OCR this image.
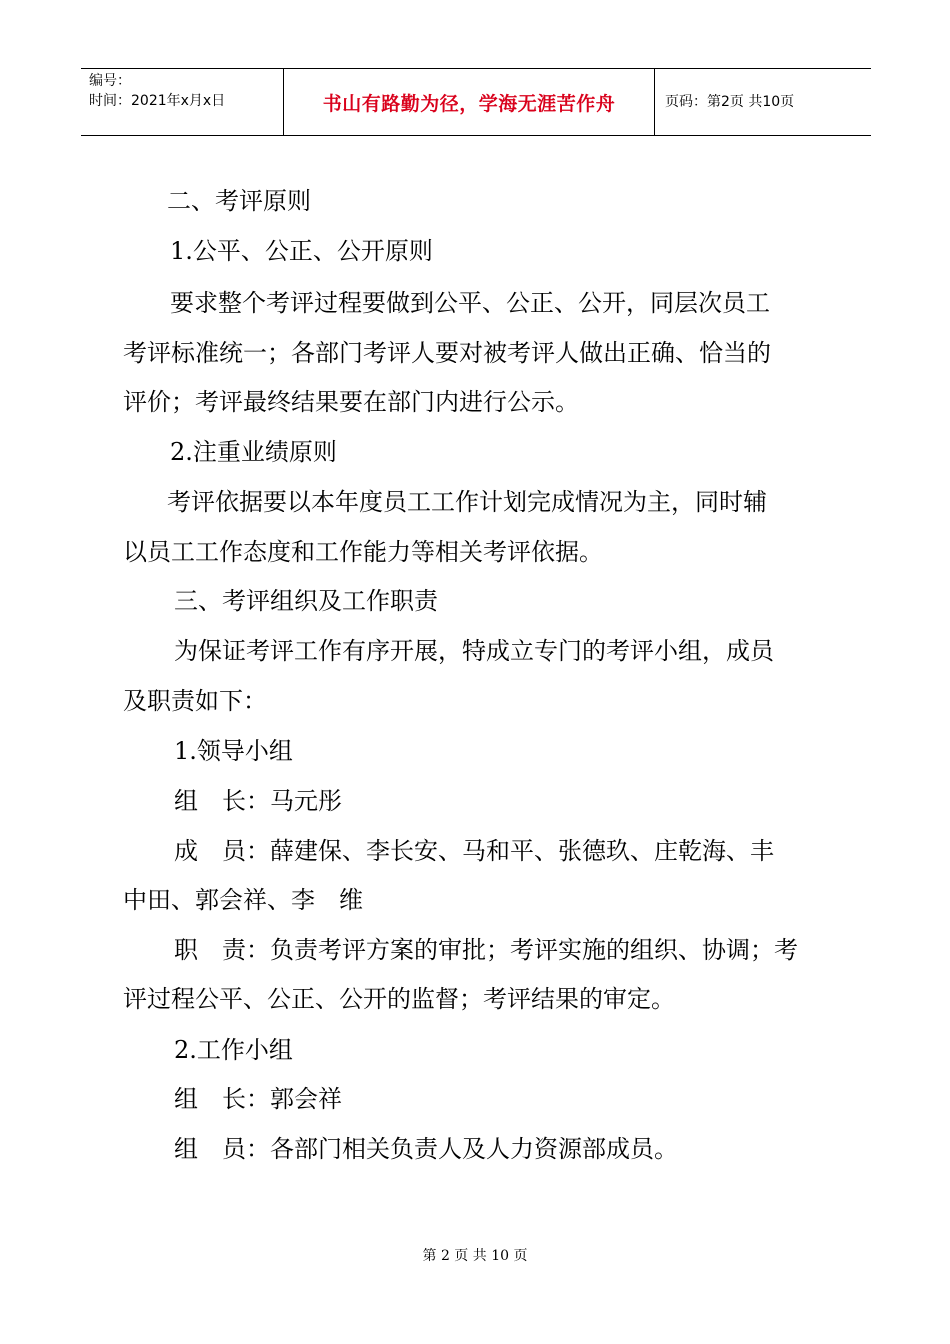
编号：
时间：2021年x月x日	书山有路勤为径，学海无涯苦作舟	页码：第2页 共10页

二、考评原则

1.公平、公正、公开原则

要求整个考评过程要做到公平、公正、公开，同层次员工

考评标准统一；各部门考评人要对被考评人做出正确、恰当的

评价；考评最终结果要在部门内进行公示。

2.注重业绩原则

考评依据要以本年度员工工作计划完成情况为主，同时辅

以员工工作态度和工作能力等相关考评依据。

三、考评组织及工作职责

为保证考评工作有序开展，特成立专门的考评小组，成员

及职责如下：

1.领导小组

组　长：马元彤

成　员：薛建保、李长安、马和平、张德玖、庄乾海、丰

中田、郭会祥、李　维

职　责：负责考评方案的审批；考评实施的组织、协调；考

评过程公平、公正、公开的监督；考评结果的审定。

2.工作小组

组　长：郭会祥

组　员：各部门相关负责人及人力资源部成员。

第 2 页 共 10 页
